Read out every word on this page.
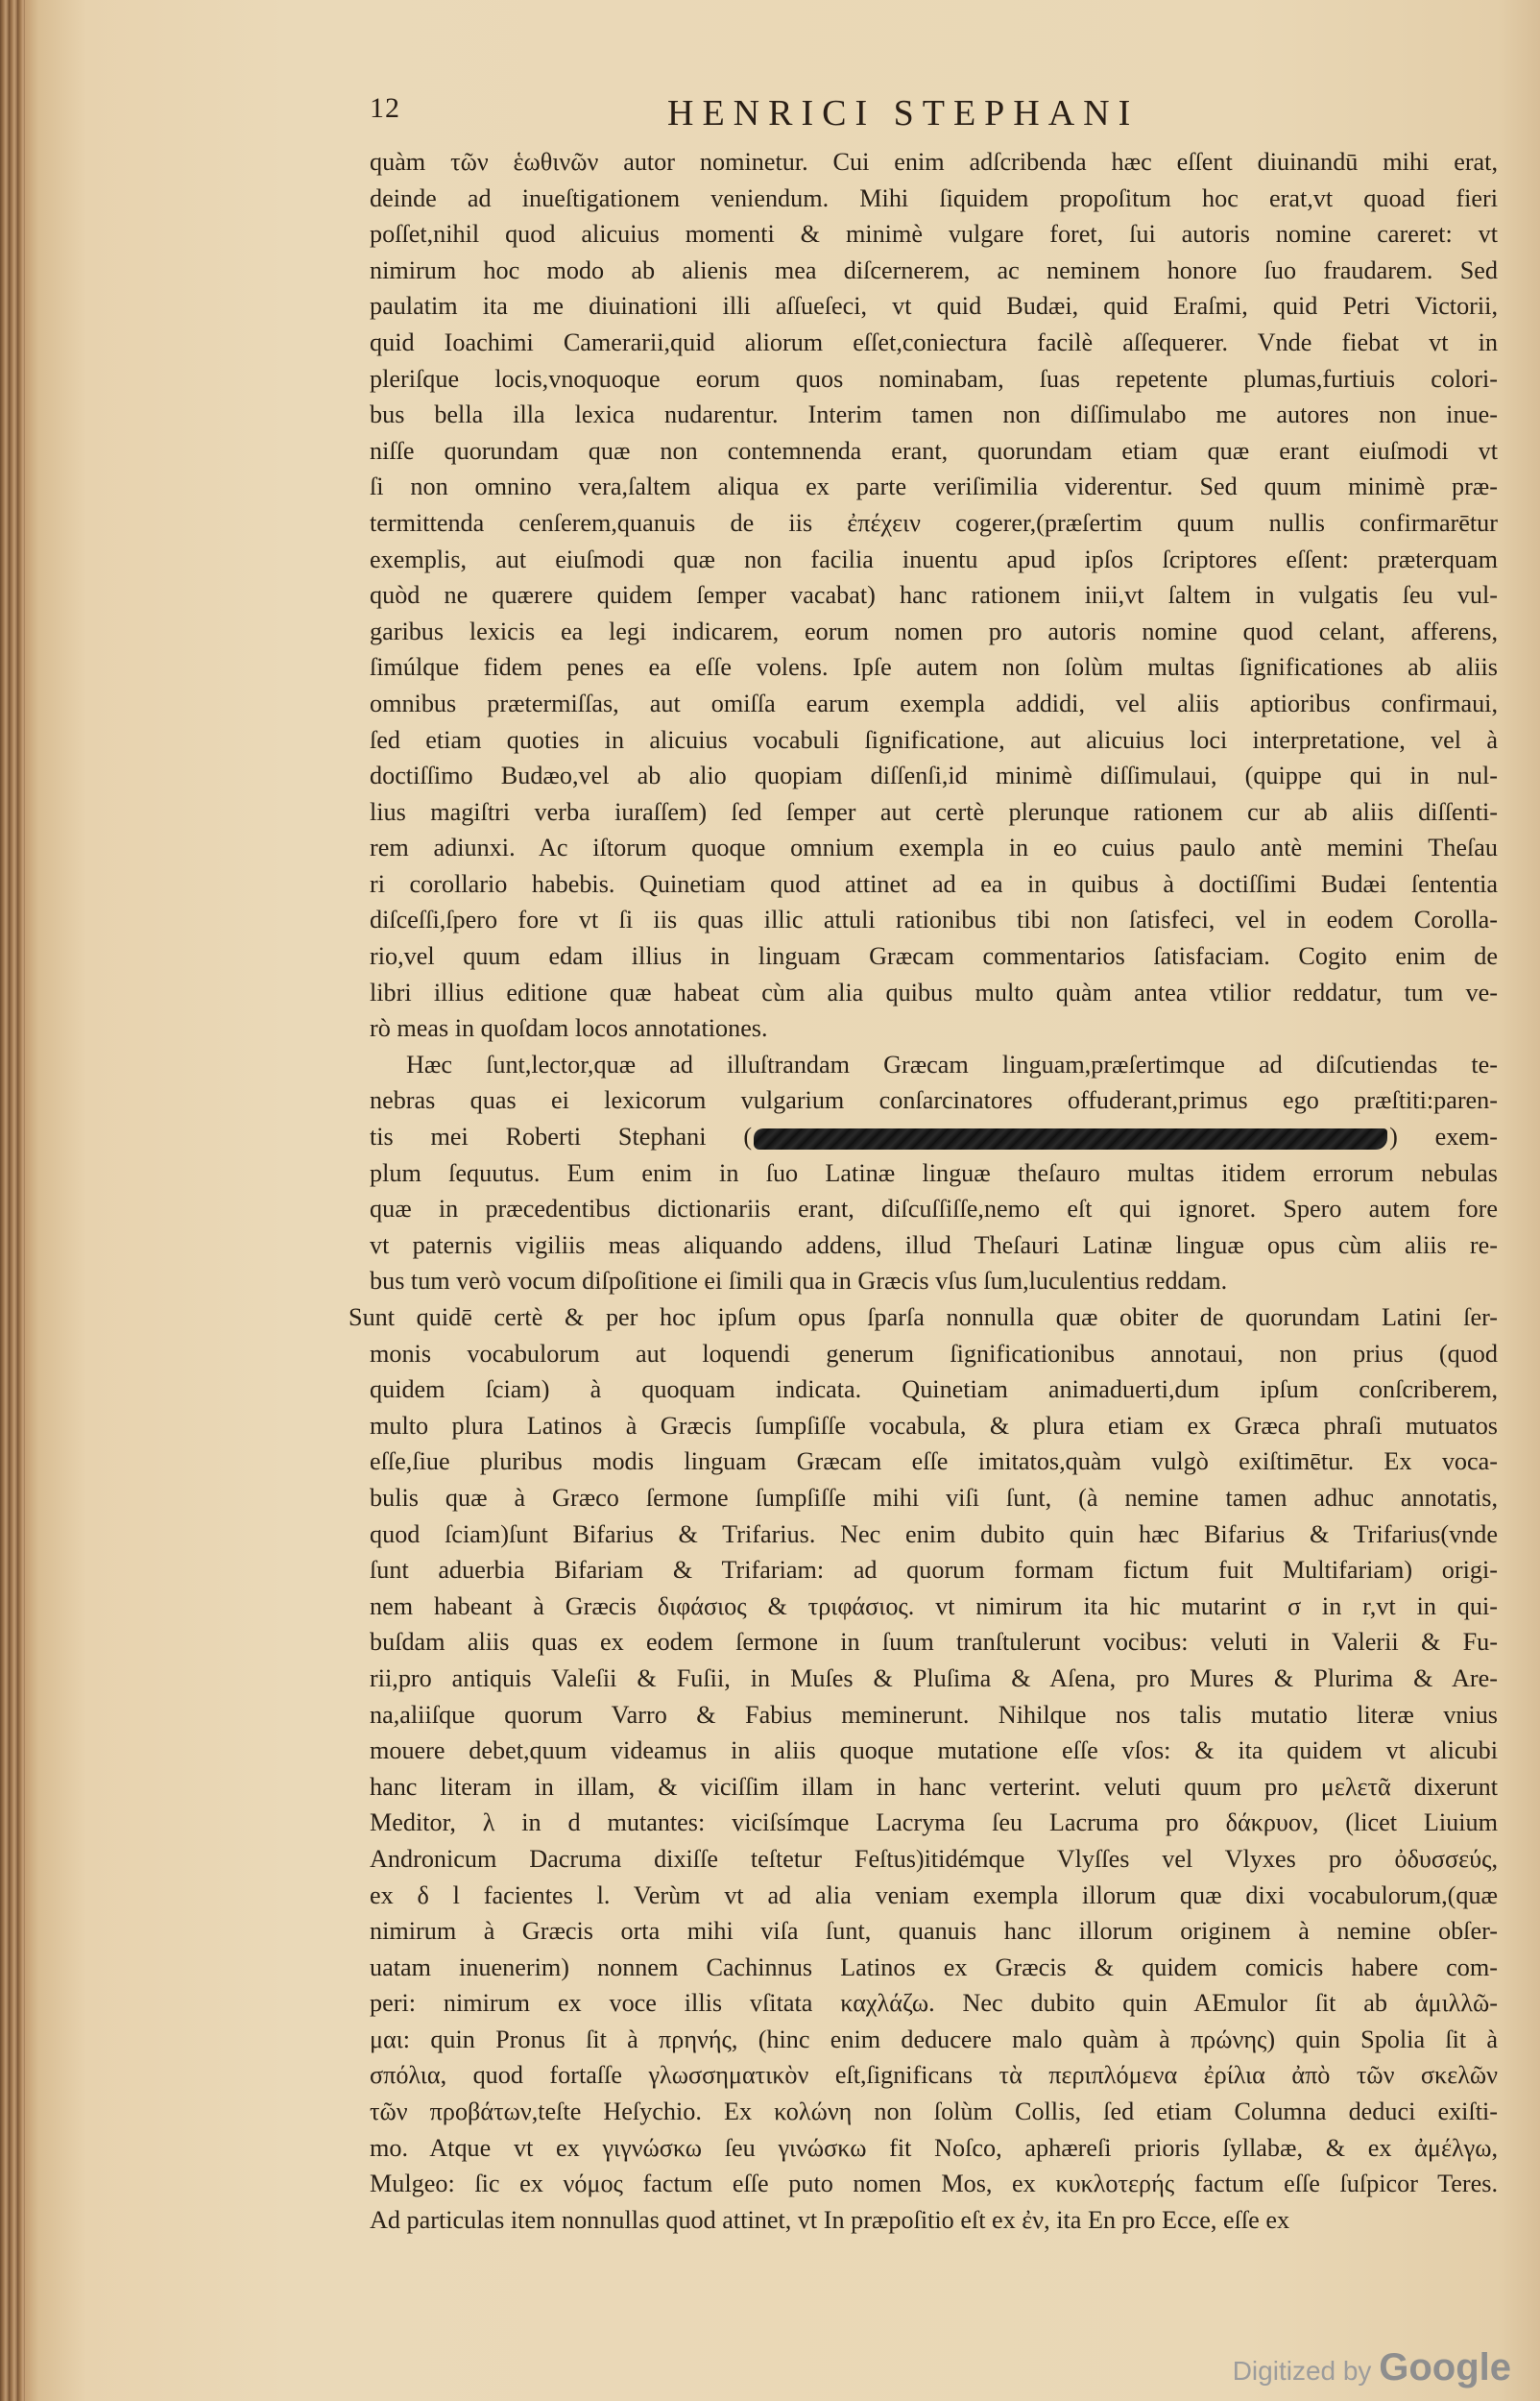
12	HENRICI STEPHANI
quàm τῶν ἑωθινῶν autor nominetur. Cui enim adſcribenda hæc eſſent diuinandū mihi erat,
deinde ad inueſtigationem veniendum. Mihi ſiquidem propoſitum hoc erat,vt quoad fieri
poſſet,nihil quod alicuius momenti & minimè vulgare foret, ſui autoris nomine careret: vt
nimirum hoc modo ab alienis mea diſcernerem, ac neminem honore ſuo fraudarem. Sed
paulatim ita me diuinationi illi aſſueſeci, vt quid Budæi, quid Eraſmi, quid Petri Victorii,
quid Ioachimi Camerarii,quid aliorum eſſet,coniectura facilè aſſequerer. Vnde fiebat vt in
pleriſque locis,vnoquoque eorum quos nominabam, ſuas repetente plumas,furtiuis colori-
bus bella illa lexica nudarentur. Interim tamen non diſſimulabo me autores non inue-
niſſe quorundam quæ non contemnenda erant, quorundam etiam quæ erant eiuſmodi vt
ſi non omnino vera,ſaltem aliqua ex parte veriſimilia viderentur. Sed quum minimè præ-
termittenda cenſerem,quanuis de iis ἐπέχειν cogerer,(præſertim quum nullis confirmarētur
exemplis, aut eiuſmodi quæ non facilia inuentu apud ipſos ſcriptores eſſent: præterquam
quòd ne quærere quidem ſemper vacabat) hanc rationem inii,vt ſaltem in vulgatis ſeu vul-
garibus lexicis ea legi indicarem, eorum nomen pro autoris nomine quod celant, afferens,
ſimúlque fidem penes ea eſſe volens. Ipſe autem non ſolùm multas ſignificationes ab aliis
omnibus prætermiſſas, aut omiſſa earum exempla addidi, vel aliis aptioribus confirmaui,
ſed etiam quoties in alicuius vocabuli ſignificatione, aut alicuius loci interpretatione, vel à
doctiſſimo Budæo,vel ab alio quopiam diſſenſi,id minimè diſſimulaui, (quippe qui in nul-
lius magiſtri verba iuraſſem) ſed ſemper aut certè plerunque rationem cur ab aliis diſſenti-
rem adiunxi. Ac iſtorum quoque omnium exempla in eo cuius paulo antè memini Theſau
ri corollario habebis. Quinetiam quod attinet ad ea in quibus à doctiſſimi Budæi ſententia
diſceſſi,ſpero fore vt ſi iis quas illic attuli rationibus tibi non ſatisfeci, vel in eodem Corolla-
rio,vel quum edam illius in linguam Græcam commentarios ſatisfaciam. Cogito enim de
libri illius editione quæ habeat cùm alia quibus multo quàm antea vtilior reddatur, tum ve-
rò meas in quoſdam locos annotationes.
Hæc ſunt,lector,quæ ad illuſtrandam Græcam linguam,præſertimque ad diſcutiendas te-
nebras quas ei lexicorum vulgarium conſarcinatores offuderant,primus ego præſtiti:paren-
tis mei Roberti Stephani (	) exem-
plum ſequutus. Eum enim in ſuo Latinæ linguæ theſauro multas itidem errorum nebulas
quæ in præcedentibus dictionariis erant, diſcuſſiſſe,nemo eſt qui ignoret. Spero autem fore
vt paternis vigiliis meas aliquando addens, illud Theſauri Latinæ linguæ opus cùm aliis re-
bus tum verò vocum diſpoſitione ei ſimili qua in Græcis vſus ſum,luculentius reddam.
Sunt quidē certè & per hoc ipſum opus ſparſa nonnulla quæ obiter de quorundam Latini ſer-
monis vocabulorum aut loquendi generum ſignificationibus annotaui, non prius (quod
quidem ſciam) à quoquam indicata. Quinetiam animaduerti,dum ipſum conſcriberem,
multo plura Latinos à Græcis ſumpſiſſe vocabula, & plura etiam ex Græca phraſi mutuatos
eſſe,ſiue pluribus modis linguam Græcam eſſe imitatos,quàm vulgò exiſtimētur. Ex voca-
bulis quæ à Græco ſermone ſumpſiſſe mihi viſi ſunt, (à nemine tamen adhuc annotatis,
quod ſciam)ſunt Bifarius & Trifarius. Nec enim dubito quin hæc Bifarius & Trifarius(vnde
ſunt aduerbia Bifariam & Trifariam: ad quorum formam fictum fuit Multifariam) origi-
nem habeant à Græcis διφάσιος & τριφάσιος. vt nimirum ita hic mutarint σ in r,vt in qui-
buſdam aliis quas ex eodem ſermone in ſuum tranſtulerunt vocibus: veluti in Valerii & Fu-
rii,pro antiquis Valeſii & Fuſii, in Muſes & Pluſima & Aſena, pro Mures & Plurima & Are-
na,aliiſque quorum Varro & Fabius meminerunt. Nihilque nos talis mutatio literæ vnius
mouere debet,quum videamus in aliis quoque mutatione eſſe vſos: & ita quidem vt alicubi
hanc literam in illam, & viciſſim illam in hanc verterint. veluti quum pro μελετᾶ dixerunt
Meditor, λ in d mutantes: viciſsímque Lacryma ſeu Lacruma pro δάκρυον, (licet Liuium
Andronicum Dacruma dixiſſe teſtetur Feſtus)itidémque Vlyſſes vel Vlyxes pro ὀδυσσεύς,
ex δ l facientes l. Verùm vt ad alia veniam exempla illorum quæ dixi vocabulorum,(quæ
nimirum à Græcis orta mihi viſa ſunt, quanuis hanc illorum originem à nemine obſer-
uatam inuenerim) nonnem Cachinnus Latinos ex Græcis & quidem comicis habere com-
peri: nimirum ex voce illis vſitata καχλάζω. Nec dubito quin AEmulor ſit ab ἁμιλλῶ-
μαι: quin Pronus ſit à πρηνής, (hinc enim deducere malo quàm à πρώνης) quin Spolia ſit à
σπόλια, quod fortaſſe γλωσσηματικὸν eſt,ſignificans τὰ περιπλόμενα ἐρίλια ἀπὸ τῶν σκελῶν
τῶν προβάτων,teſte Heſychio. Ex κολώνη non ſolùm Collis, ſed etiam Columna deduci exiſti-
mo. Atque vt ex γιγνώσκω ſeu γινώσκω fit Noſco, aphæreſi prioris ſyllabæ, & ex ἀμέλγω,
Mulgeo: ſic ex νόμος factum eſſe puto nomen Mos, ex κυκλοτερής factum eſſe ſuſpicor Teres.
Ad particulas item nonnullas quod attinet, vt In præpoſitio eſt ex ἐν, ita En pro Ecce, eſſe ex
Digitized by Google
